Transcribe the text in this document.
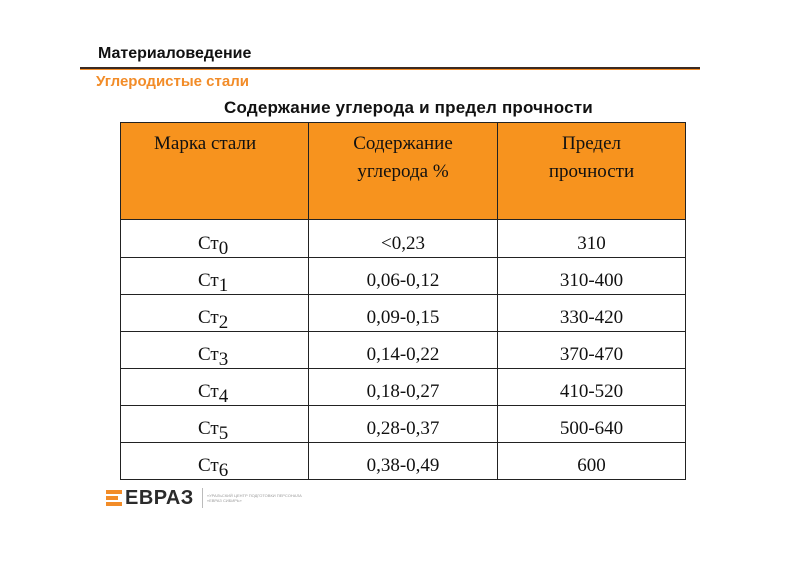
Материаловедение
Углеродистые стали
Содержание углерода и предел прочности
Марка стали	Содержание углерода %	Предел прочности
Ст0	<0,23	310
Ст1	0,06-0,12	310-400
Ст2	0,09-0,15	330-420
Ст3	0,14-0,22	370-470
Ст4	0,18-0,27	410-520
Ст5	0,28-0,37	500-640
Ст6	0,38-0,49	600
ЕВРАЗ	«УРАЛЬСКИЙ ЦЕНТР ПОДГОТОВКИ ПЕРСОНАЛА «ЕВРАЗ СИБИРЬ»
